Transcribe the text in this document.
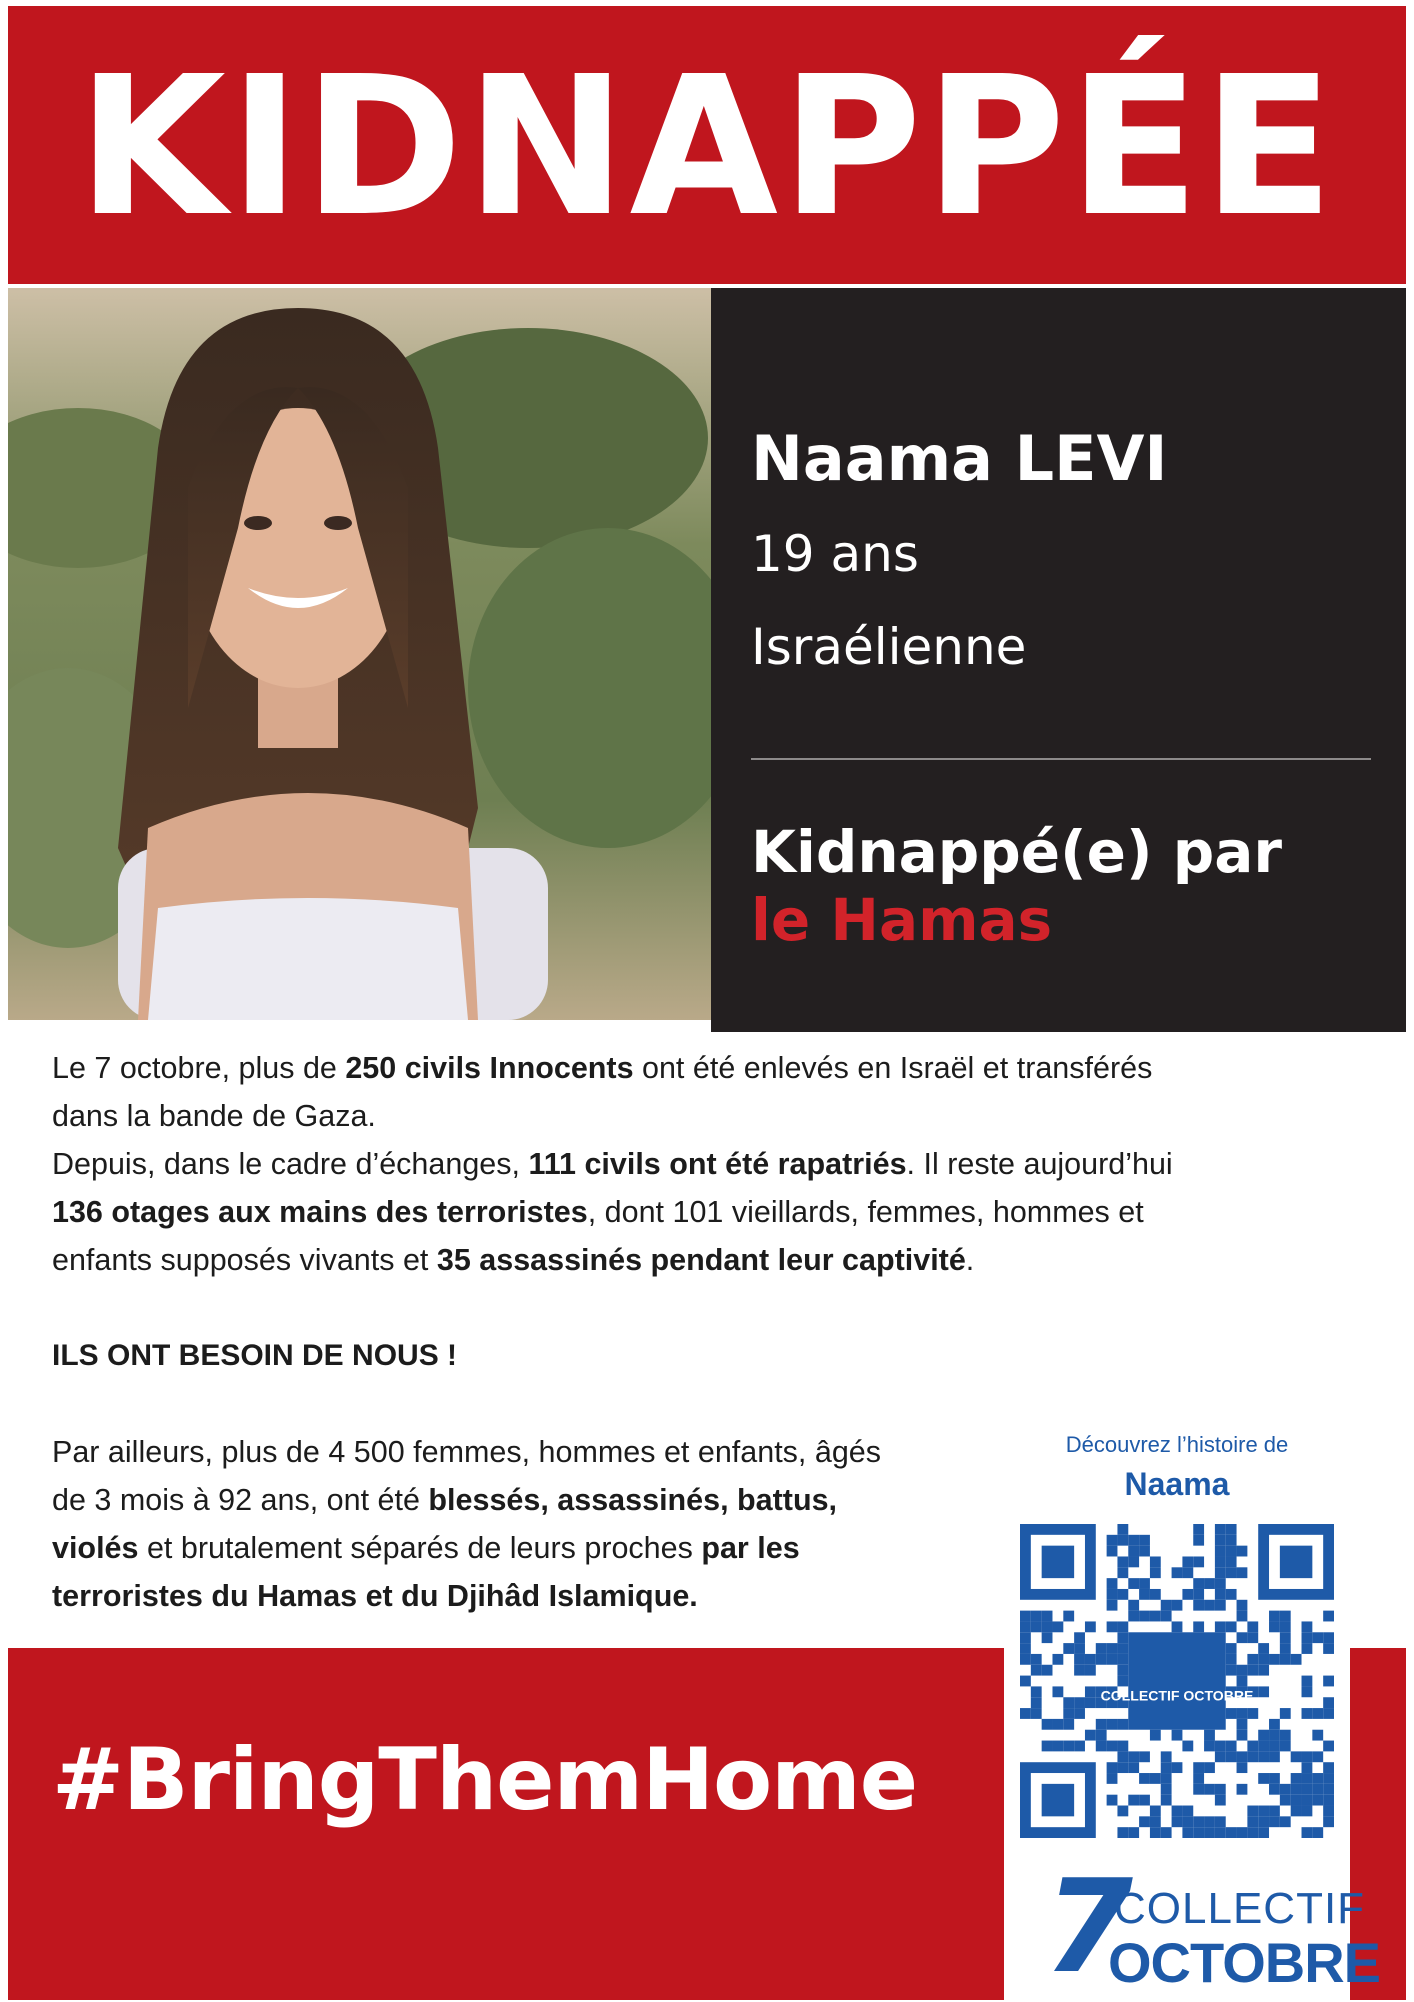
KIDNAPPÉE
Naama LEVI
19 ans
Israélienne
Kidnappé(e) par
le Hamas
Le 7 octobre, plus de 250 civils Innocents ont été enlevés en Israël et transférés
dans la bande de Gaza.
Depuis, dans le cadre d’échanges, 111 civils ont été rapatriés. Il reste aujourd’hui
136 otages aux mains des terroristes, dont 101 vieillards, femmes, hommes et
enfants supposés vivants et 35 assassinés pendant leur captivité.
ILS ONT BESOIN DE NOUS !
Par ailleurs, plus de 4 500 femmes, hommes et enfants, âgés
de 3 mois à 92 ans, ont été blessés, assassinés, battus,
violés et brutalement séparés de leurs proches par les
terroristes du Hamas et du Djihâd Islamique.
#BringThemHome
Découvrez l’histoire de
Naama
COLLECTIF OCTOBRE
7
COLLECTIF
OCTOBRE
